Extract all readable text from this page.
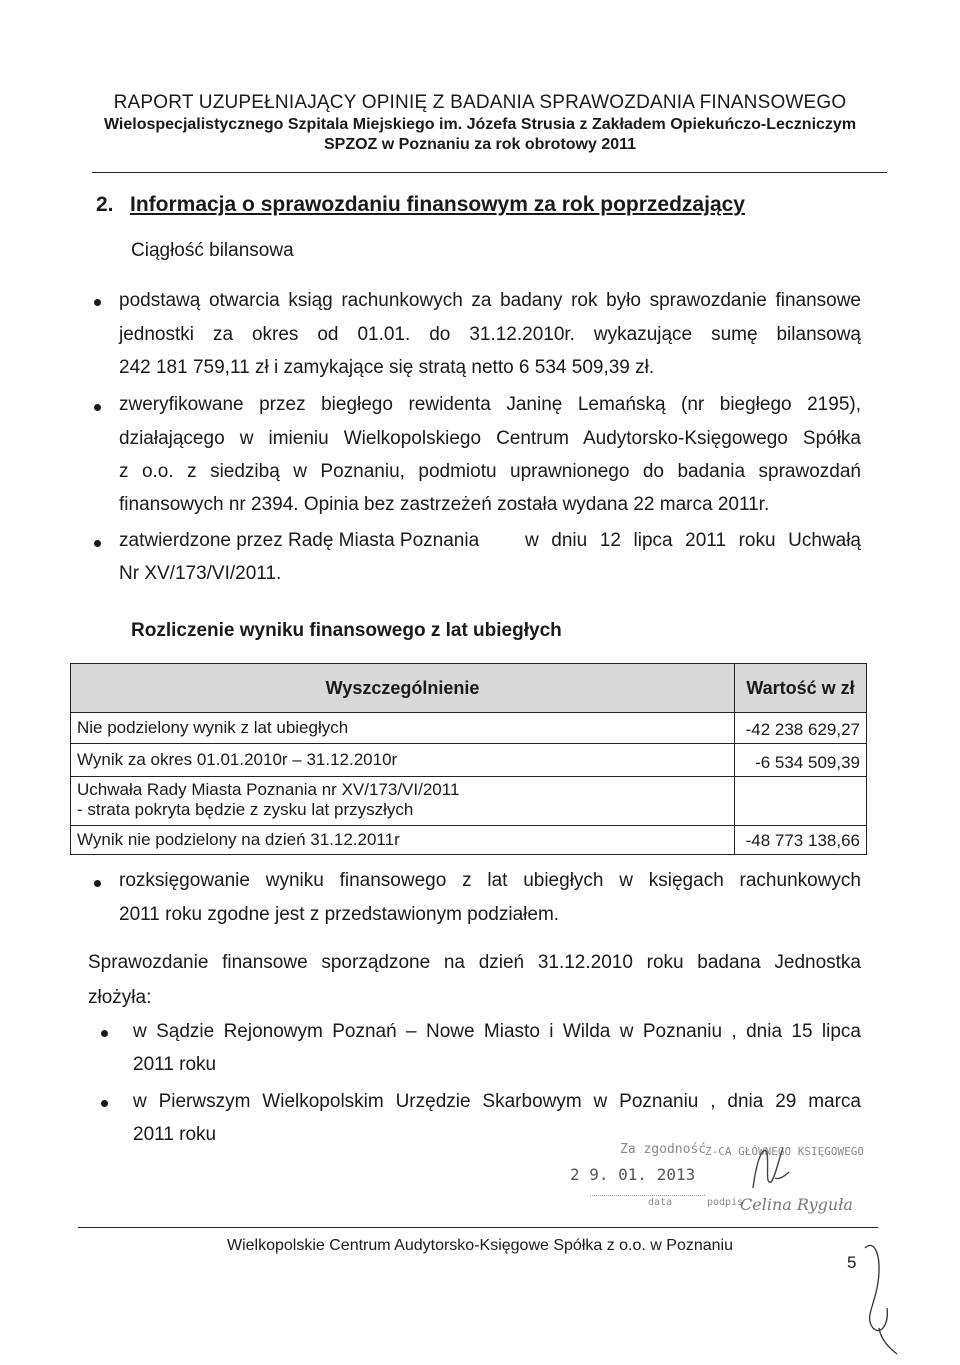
RAPORT UZUPEŁNIAJĄCY OPINIĘ Z BADANIA SPRAWOZDANIA FINANSOWEGO
Wielospecjalistycznego Szpitala Miejskiego im. Józefa Strusia z Zakładem Opiekuńczo-Leczniczym
SPZOZ w Poznaniu za rok obrotowy 2011
2. Informacja o sprawozdaniu finansowym za rok poprzedzający
Ciągłość bilansowa
podstawą otwarcia ksiąg rachunkowych za badany rok było sprawozdanie finansowe
jednostki za okres od 01.01. do 31.12.2010r. wykazujące sumę bilansową
242 181 759,11 zł i zamykające się stratą netto 6 534 509,39 zł.
zweryfikowane przez biegłego rewidenta Janinę Lemańską (nr biegłego 2195),
działającego w imieniu Wielkopolskiego Centrum Audytorsko-Księgowego Spółka
z o.o. z siedzibą w Poznaniu, podmiotu uprawnionego do badania sprawozdań
finansowych nr 2394. Opinia bez zastrzeżeń została wydana 22 marca 2011r.
zatwierdzone przez Radę Miasta Poznania w dniu 12 lipca 2011 roku Uchwałą
Nr XV/173/VI/2011.
Rozliczenie wyniku finansowego z lat ubiegłych
Wyszczególnienie	Wartość w zł
Nie podzielony wynik z lat ubiegłych	-42 238 629,27
Wynik za okres 01.01.2010r – 31.12.2010r	-6 534 509,39
Uchwała Rady Miasta Poznania nr XV/173/VI/2011
- strata pokryta będzie z zysku lat przyszłych
Wynik nie podzielony na dzień 31.12.2011r	-48 773 138,66
rozksięgowanie wyniku finansowego z lat ubiegłych w księgach rachunkowych
2011 roku zgodne jest z przedstawionym podziałem.
Sprawozdanie finansowe sporządzone na dzień 31.12.2010 roku badana Jednostka
złożyła:
w Sądzie Rejonowym Poznań – Nowe Miasto i Wilda w Poznaniu , dnia 15 lipca
2011 roku
w Pierwszym Wielkopolskim Urzędzie Skarbowym w Poznaniu , dnia 29 marca
2011 roku
Za zgodność
Z-CA GŁÓWNEGO KSIĘGOWEGO
2 9. 01. 2013
data	podpis
Celina Ryguła
Wielkopolskie Centrum Audytorsko-Księgowe Spółka z o.o. w Poznaniu
5
